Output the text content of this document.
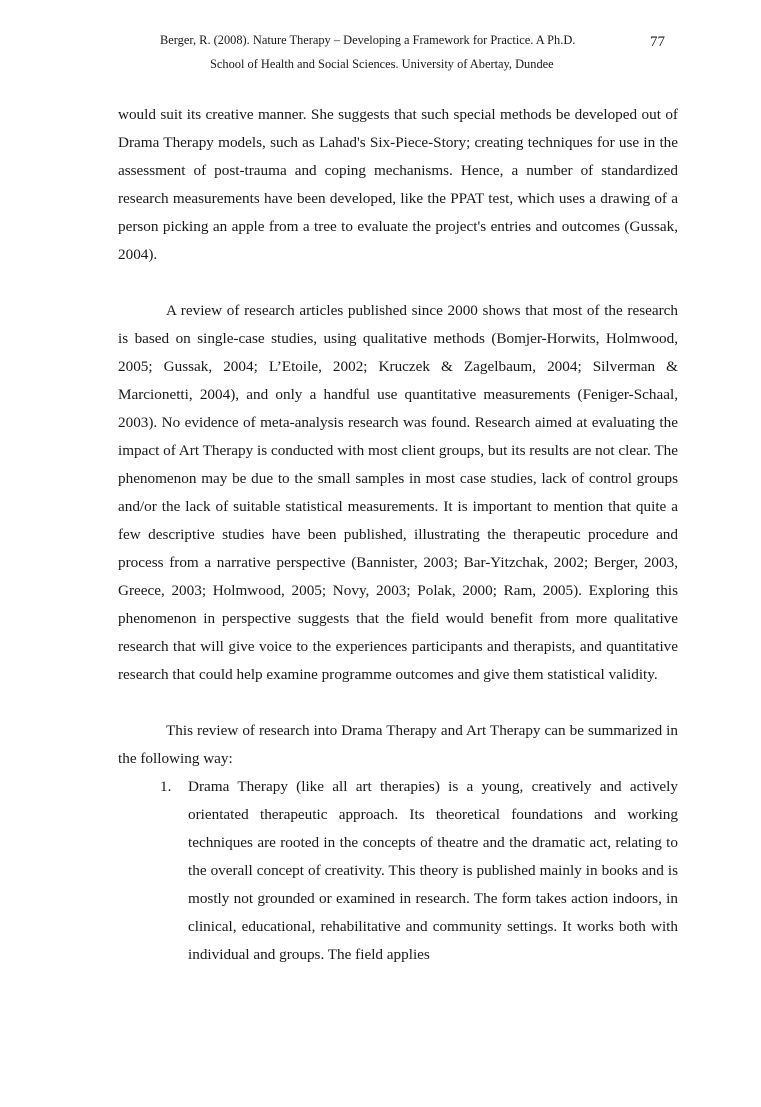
Berger, R. (2008). Nature Therapy – Developing a Framework for Practice. A Ph.D.
School of Health and Social Sciences. University of Abertay, Dundee
77

would suit its creative manner. She suggests that such special methods be developed out of Drama Therapy models, such as Lahad's Six-Piece-Story; creating techniques for use in the assessment of post-trauma and coping mechanisms. Hence, a number of standardized research measurements have been developed, like the PPAT test, which uses a drawing of a person picking an apple from a tree to evaluate the project's entries and outcomes (Gussak, 2004).

A review of research articles published since 2000 shows that most of the research is based on single-case studies, using qualitative methods (Bomjer-Horwits, Holmwood, 2005; Gussak, 2004; L’Etoile, 2002; Kruczek & Zagelbaum, 2004; Silverman & Marcionetti, 2004), and only a handful use quantitative measurements (Feniger-Schaal, 2003). No evidence of meta-analysis research was found. Research aimed at evaluating the impact of Art Therapy is conducted with most client groups, but its results are not clear. The phenomenon may be due to the small samples in most case studies, lack of control groups and/or the lack of suitable statistical measurements. It is important to mention that quite a few descriptive studies have been published, illustrating the therapeutic procedure and process from a narrative perspective (Bannister, 2003; Bar-Yitzchak, 2002; Berger, 2003, Greece, 2003; Holmwood, 2005; Novy, 2003; Polak, 2000; Ram, 2005). Exploring this phenomenon in perspective suggests that the field would benefit from more qualitative research that will give voice to the experiences participants and therapists, and quantitative research that could help examine programme outcomes and give them statistical validity.

This review of research into Drama Therapy and Art Therapy can be summarized in the following way:

1. Drama Therapy (like all art therapies) is a young, creatively and actively orientated therapeutic approach. Its theoretical foundations and working techniques are rooted in the concepts of theatre and the dramatic act, relating to the overall concept of creativity. This theory is published mainly in books and is mostly not grounded or examined in research. The form takes action indoors, in clinical, educational, rehabilitative and community settings. It works both with individual and groups. The field applies
